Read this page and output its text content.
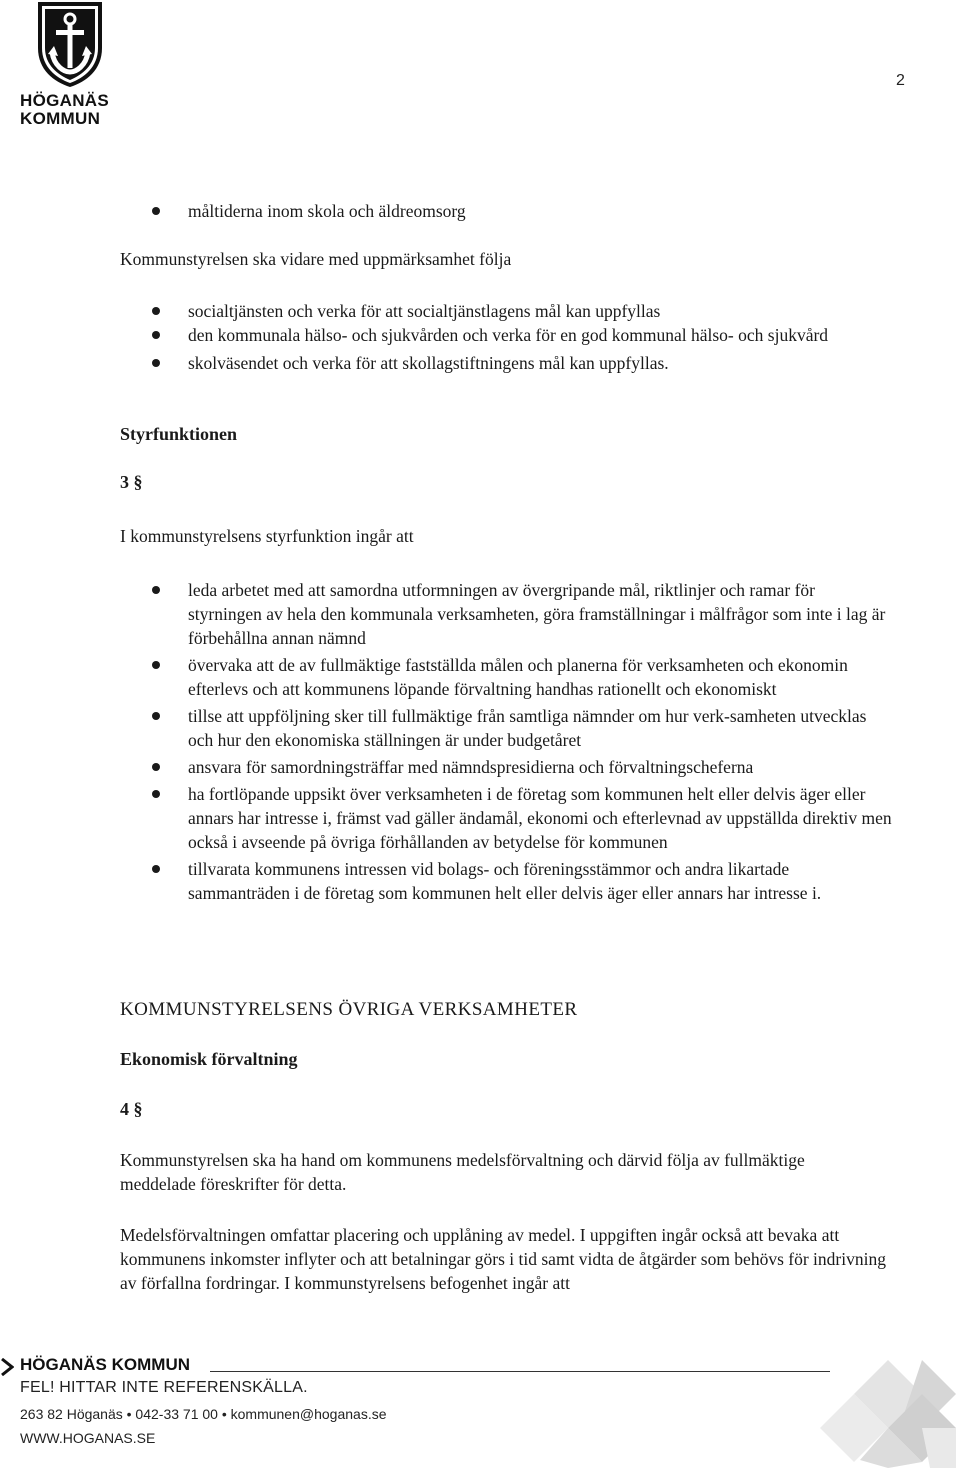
HÖGANÄS
KOMMUN
2
måltiderna inom skola och äldreomsorg
Kommunstyrelsen ska vidare med uppmärksamhet följa
socialtjänsten och verka för att socialtjänstlagens mål kan uppfyllas
den kommunala hälso- och sjukvården och verka för en god kommunal hälso- och sjukvård
skolväsendet och verka för att skollagstiftningens mål kan uppfyllas.
Styrfunktionen
3 §
I kommunstyrelsens styrfunktion ingår att
leda arbetet med att samordna utformningen av övergripande mål, riktlinjer och ramar för styrningen av hela den kommunala verksamheten, göra framställningar i målfrågor som inte i lag är förbehållna annan nämnd
övervaka att de av fullmäktige fastställda målen och planerna för verksamheten och ekonomin efterlevs och att kommunens löpande förvaltning handhas rationellt och ekonomiskt
tillse att uppföljning sker till fullmäktige från samtliga nämnder om hur verk-samheten utvecklas och hur den ekonomiska ställningen är under budgetåret
ansvara för samordningsträffar med nämndspresidierna och förvaltningscheferna
ha fortlöpande uppsikt över verksamheten i de företag som kommunen helt eller delvis äger eller annars har intresse i, främst vad gäller ändamål, ekonomi och efterlevnad av uppställda direktiv men också i avseende på övriga förhållanden av betydelse för kommunen
tillvarata kommunens intressen vid bolags- och föreningsstämmor och andra likartade sammanträden i de företag som kommunen helt eller delvis äger eller annars har intresse i.
KOMMUNSTYRELSENS ÖVRIGA VERKSAMHETER
Ekonomisk förvaltning
4 §
Kommunstyrelsen ska ha hand om kommunens medelsförvaltning och därvid följa av fullmäktige meddelade föreskrifter för detta.
Medelsförvaltningen omfattar placering och upplåning av medel. I uppgiften ingår också att bevaka att kommunens inkomster inflyter och att betalningar görs i tid samt vidta de åtgärder som behövs för indrivning av förfallna fordringar. I kommunstyrelsens befogenhet ingår att
HÖGANÄS KOMMUN
FEL! HITTAR INTE REFERENSKÄLLA.
263 82 Höganäs • 042-33 71 00 • kommunen@hoganas.se
WWW.HOGANAS.SE
